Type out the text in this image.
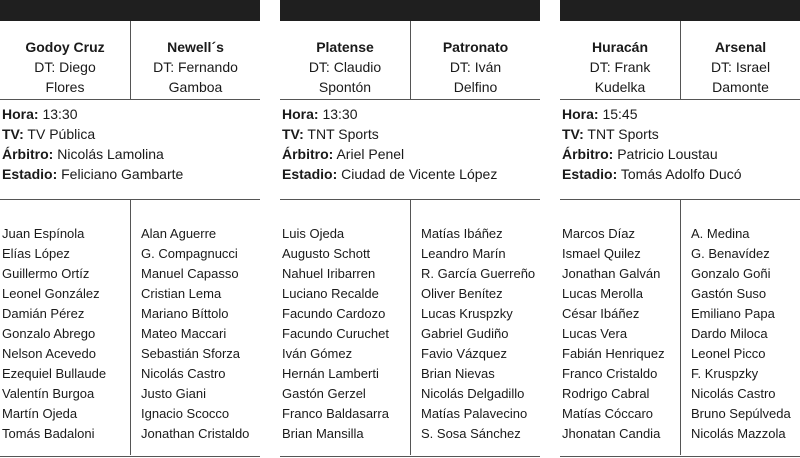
Godoy Cruz
DT: Diego
Flores
Newell´s
DT: Fernando
Gamboa
Hora: 13:30
TV: TV Pública
Árbitro: Nicolás Lamolina
Estadio: Feliciano Gambarte
Juan Espínola
Elías López
Guillermo Ortíz
Leonel González
Damián Pérez
Gonzalo Abrego
Nelson Acevedo
Ezequiel Bullaude
Valentín Burgoa
Martín Ojeda
Tomás Badaloni
Alan Aguerre
G. Compagnucci
Manuel Capasso
Cristian Lema
Mariano Bíttolo
Mateo Maccari
Sebastián Sforza
Nicolás Castro
Justo Giani
Ignacio Scocco
Jonathan Cristaldo
Platense
DT: Claudio
Spontón
Patronato
DT: Iván
Delfino
Hora: 13:30
TV: TNT Sports
Árbitro: Ariel Penel
Estadio: Ciudad de Vicente López
Luis Ojeda
Augusto Schott
Nahuel Iribarren
Luciano Recalde
Facundo Cardozo
Facundo Curuchet
Iván Gómez
Hernán Lamberti
Gastón Gerzel
Franco Baldasarra
Brian Mansilla
Matías Ibáñez
Leandro Marín
R. García Guerreño
Oliver Benítez
Lucas Kruspzky
Gabriel Gudiño
Favio Vázquez
Brian Nievas
Nicolás Delgadillo
Matías Palavecino
S. Sosa Sánchez
Huracán
DT: Frank
Kudelka
Arsenal
DT: Israel
Damonte
Hora: 15:45
TV: TNT Sports
Árbitro: Patricio Loustau
Estadio: Tomás Adolfo Ducó
Marcos Díaz
Ismael Quilez
Jonathan Galván
Lucas Merolla
César Ibáñez
Lucas Vera
Fabián Henriquez
Franco Cristaldo
Rodrigo Cabral
Matías Cóccaro
Jhonatan Candia
A. Medina
G. Benavídez
Gonzalo Goñi
Gastón Suso
Emiliano Papa
Dardo Miloca
Leonel Picco
F. Kruspzky
Nicolás Castro
Bruno Sepúlveda
Nicolás Mazzola
